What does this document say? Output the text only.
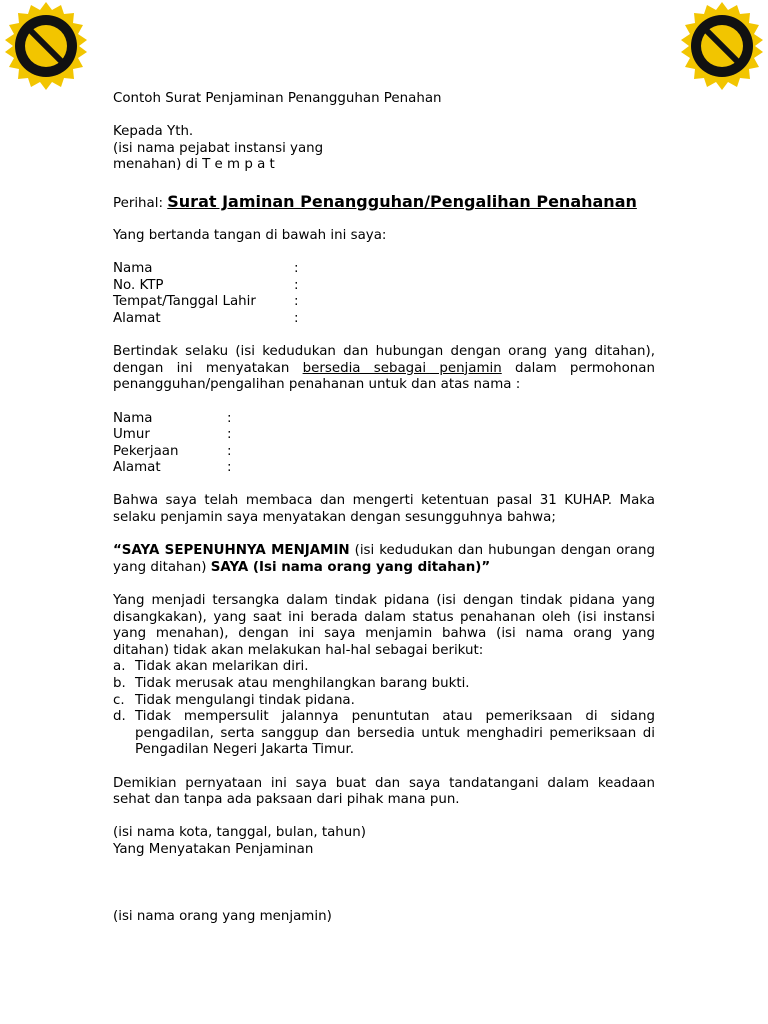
Contoh Surat Penjaminan Penangguhan Penahan

Kepada Yth.

(isi nama pejabat instansi yang

menahan) di T e m p a t

Perihal: Surat Jaminan Penangguhan/Pengalihan Penahanan

Yang bertanda tangan di bawah ini saya:

Nama	:
No. KTP	:
Tempat/Tanggal Lahir	:
Alamat	:

Bertindak selaku (isi kedudukan dan hubungan dengan orang yang ditahan), dengan ini menyatakan bersedia sebagai penjamin dalam permohonan penangguhan/pengalihan penahanan untuk dan atas nama :

Nama	:
Umur	:
Pekerjaan	:
Alamat	:

Bahwa saya telah membaca dan mengerti ketentuan pasal 31 KUHAP. Maka selaku penjamin saya menyatakan dengan sesungguhnya bahwa;

“SAYA SEPENUHNYA MENJAMIN (isi kedudukan dan hubungan dengan orang yang ditahan) SAYA (Isi nama orang yang ditahan)”

Yang menjadi tersangka dalam tindak pidana (isi dengan tindak pidana yang disangkakan), yang saat ini berada dalam status penahanan oleh (isi instansi yang menahan), dengan ini saya menjamin bahwa (isi nama orang yang ditahan) tidak akan melakukan hal-hal sebagai berikut:

a. Tidak akan melarikan diri.
b. Tidak merusak atau menghilangkan barang bukti.
c. Tidak mengulangi tindak pidana.
d. Tidak mempersulit jalannya penuntutan atau pemeriksaan di sidang pengadilan, serta sanggup dan bersedia untuk menghadiri pemeriksaan di Pengadilan Negeri Jakarta Timur.

Demikian pernyataan ini saya buat dan saya tandatangani dalam keadaan sehat dan tanpa ada paksaan dari pihak mana pun.

(isi nama kota, tanggal, bulan, tahun)

Yang Menyatakan Penjaminan

(isi nama orang yang menjamin)
